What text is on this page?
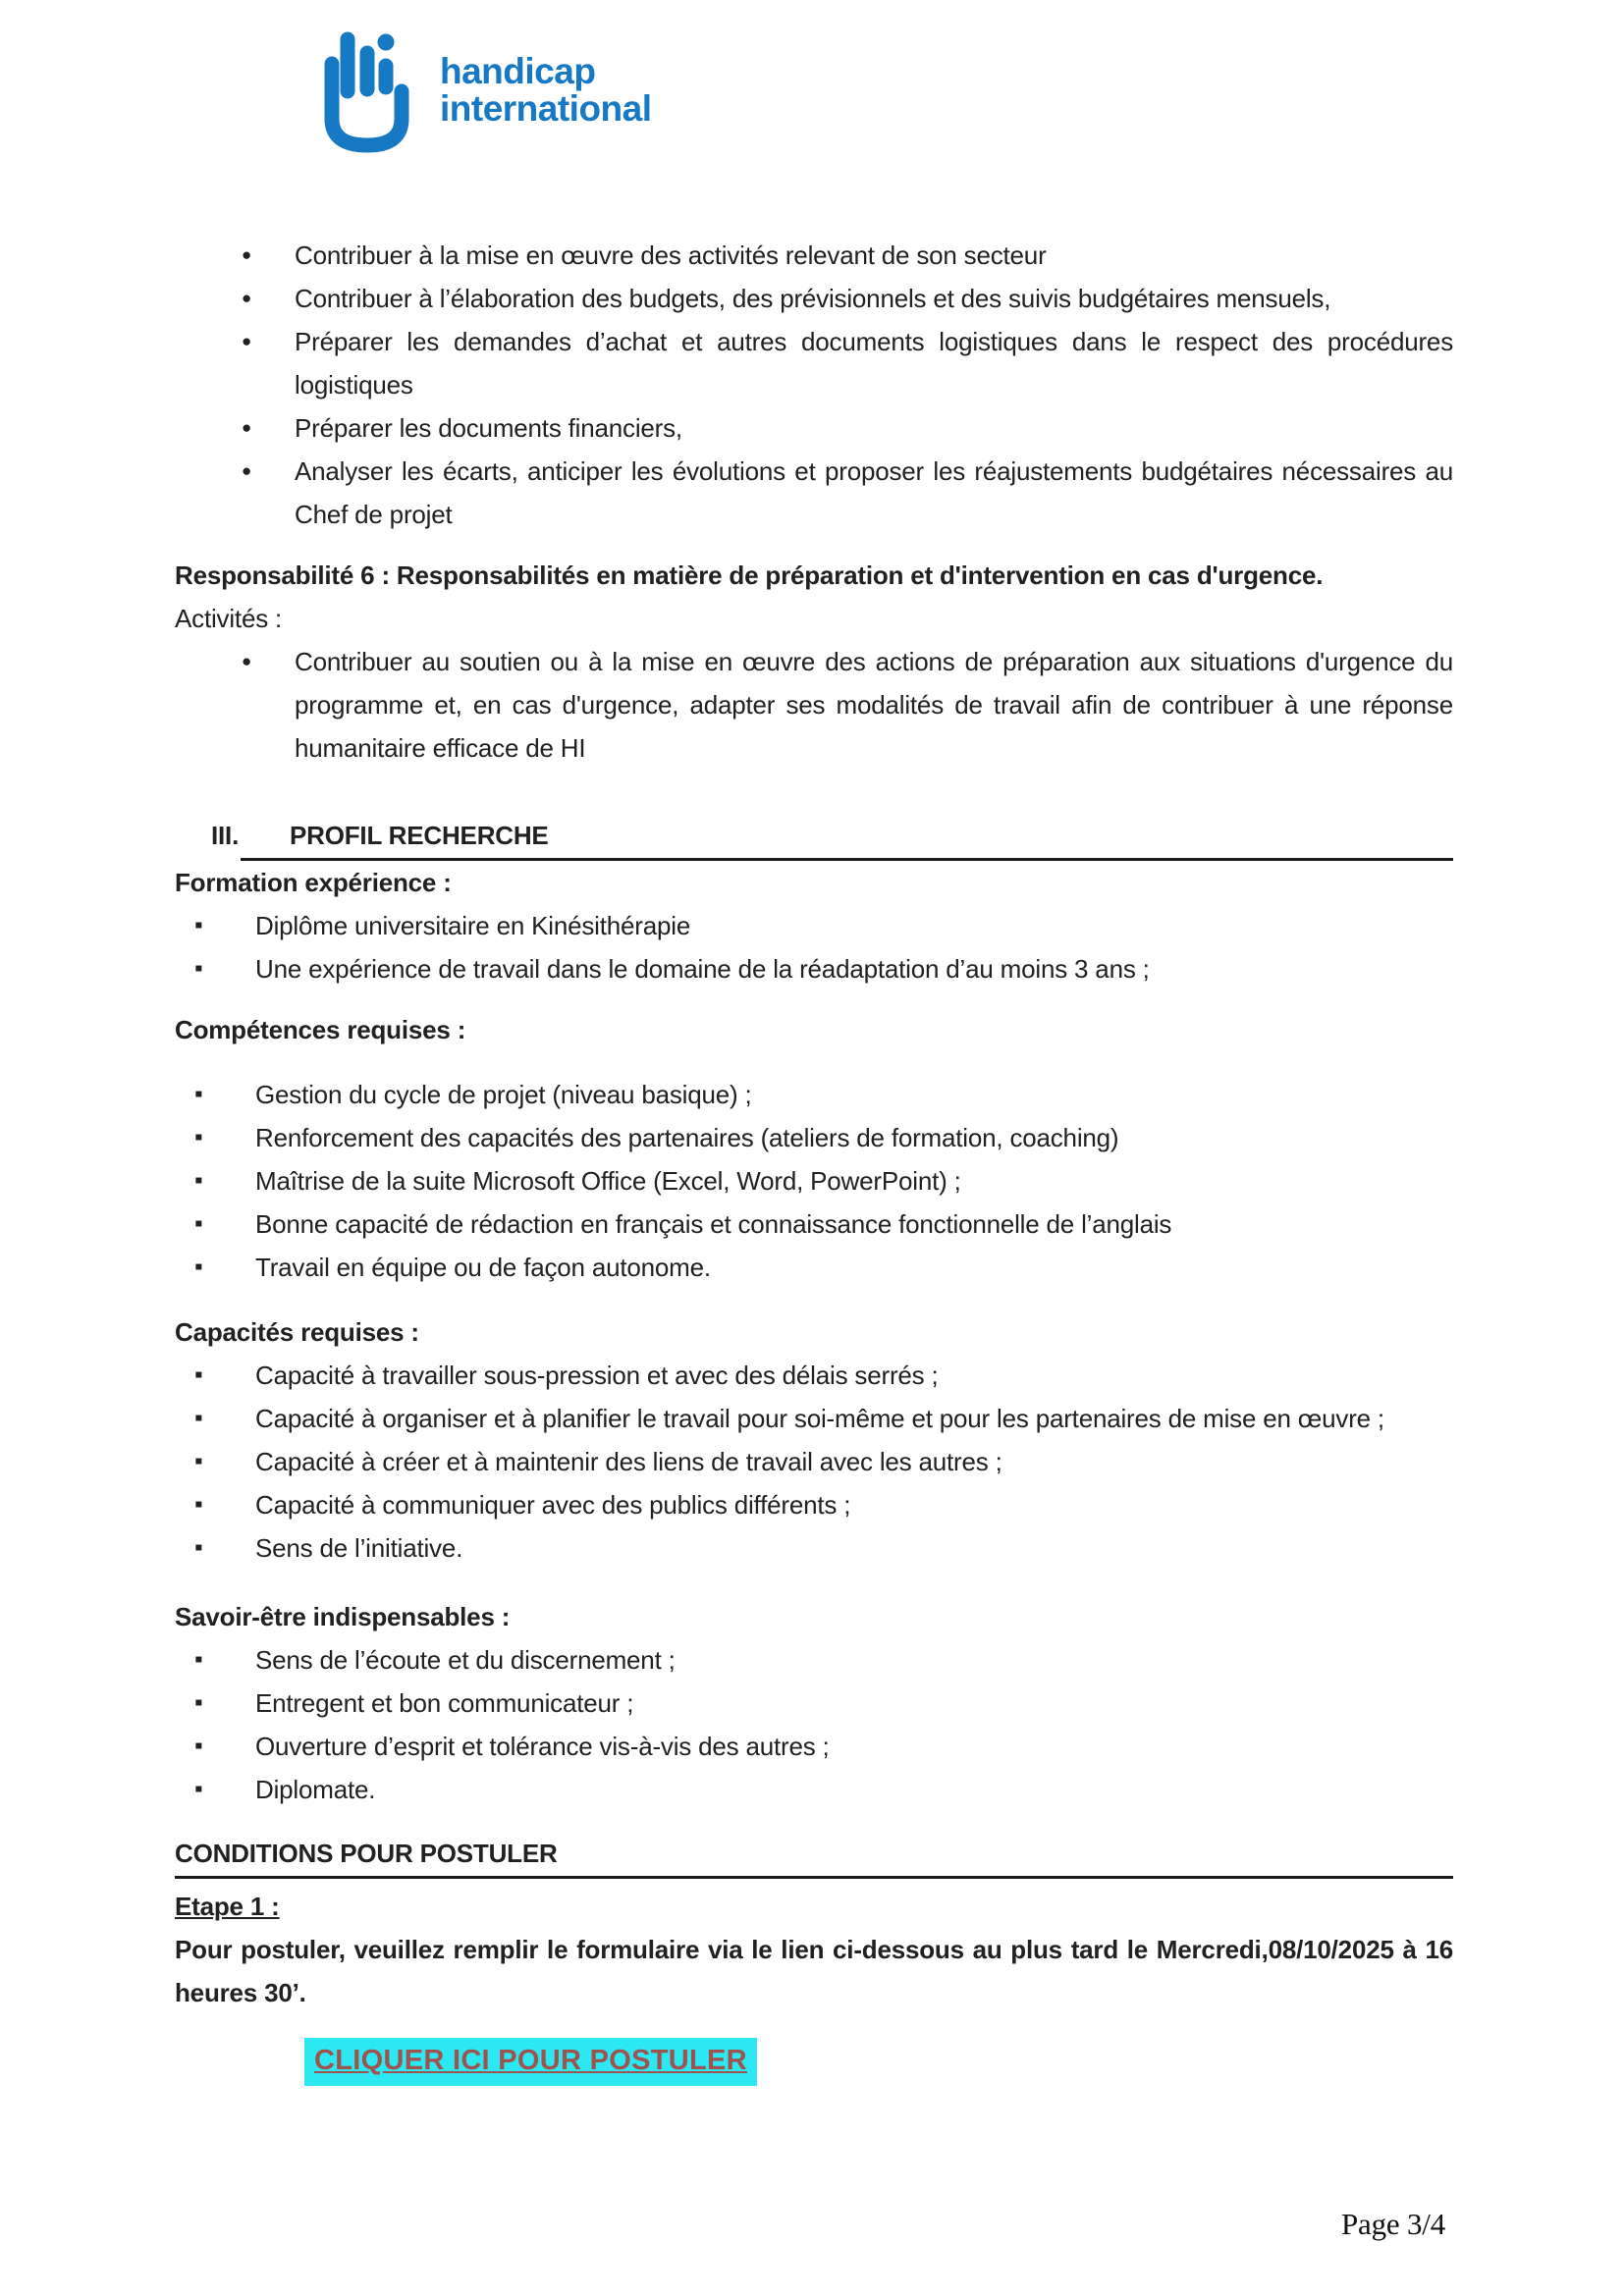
handicap
international
● Contribuer à la mise en œuvre des activités relevant de son secteur
● Contribuer à l’élaboration des budgets, des prévisionnels et des suivis budgétaires mensuels,
● Préparer les demandes d’achat et autres documents logistiques dans le respect des procédures logistiques
● Préparer les documents financiers,
● Analyser les écarts, anticiper les évolutions et proposer les réajustements budgétaires nécessaires au Chef de projet

Responsabilité 6 : Responsabilités en matière de préparation et d'intervention en cas d'urgence.

Activités :

● Contribuer au soutien ou à la mise en œuvre des actions de préparation aux situations d'urgence du programme et, en cas d'urgence, adapter ses modalités de travail afin de contribuer à une réponse humanitaire efficace de HI
III.	PROFIL RECHERCHE

Formation expérience :

▪ Diplôme universitaire en Kinésithérapie
▪ Une expérience de travail dans le domaine de la réadaptation d’au moins 3 ans ;

Compétences requises :

▪ Gestion du cycle de projet (niveau basique) ;
▪ Renforcement des capacités des partenaires (ateliers de formation, coaching)
▪ Maîtrise de la suite Microsoft Office (Excel, Word, PowerPoint) ;
▪ Bonne capacité de rédaction en français et connaissance fonctionnelle de l’anglais
▪ Travail en équipe ou de façon autonome.

Capacités requises :

▪ Capacité à travailler sous-pression et avec des délais serrés ;
▪ Capacité à organiser et à planifier le travail pour soi-même et pour les partenaires de mise en œuvre ;
▪ Capacité à créer et à maintenir des liens de travail avec les autres ;
▪ Capacité à communiquer avec des publics différents ;
▪ Sens de l’initiative.

Savoir-être indispensables :

▪ Sens de l’écoute et du discernement ;
▪ Entregent et bon communicateur ;
▪ Ouverture d’esprit et tolérance vis-à-vis des autres ;
▪ Diplomate.

CONDITIONS POUR POSTULER

Etape 1 :

Pour postuler, veuillez remplir le formulaire via le lien ci-dessous au plus tard le Mercredi,08/10/2025 à 16 heures 30’.

CLIQUER ICI POUR POSTULER
Page 3/4
